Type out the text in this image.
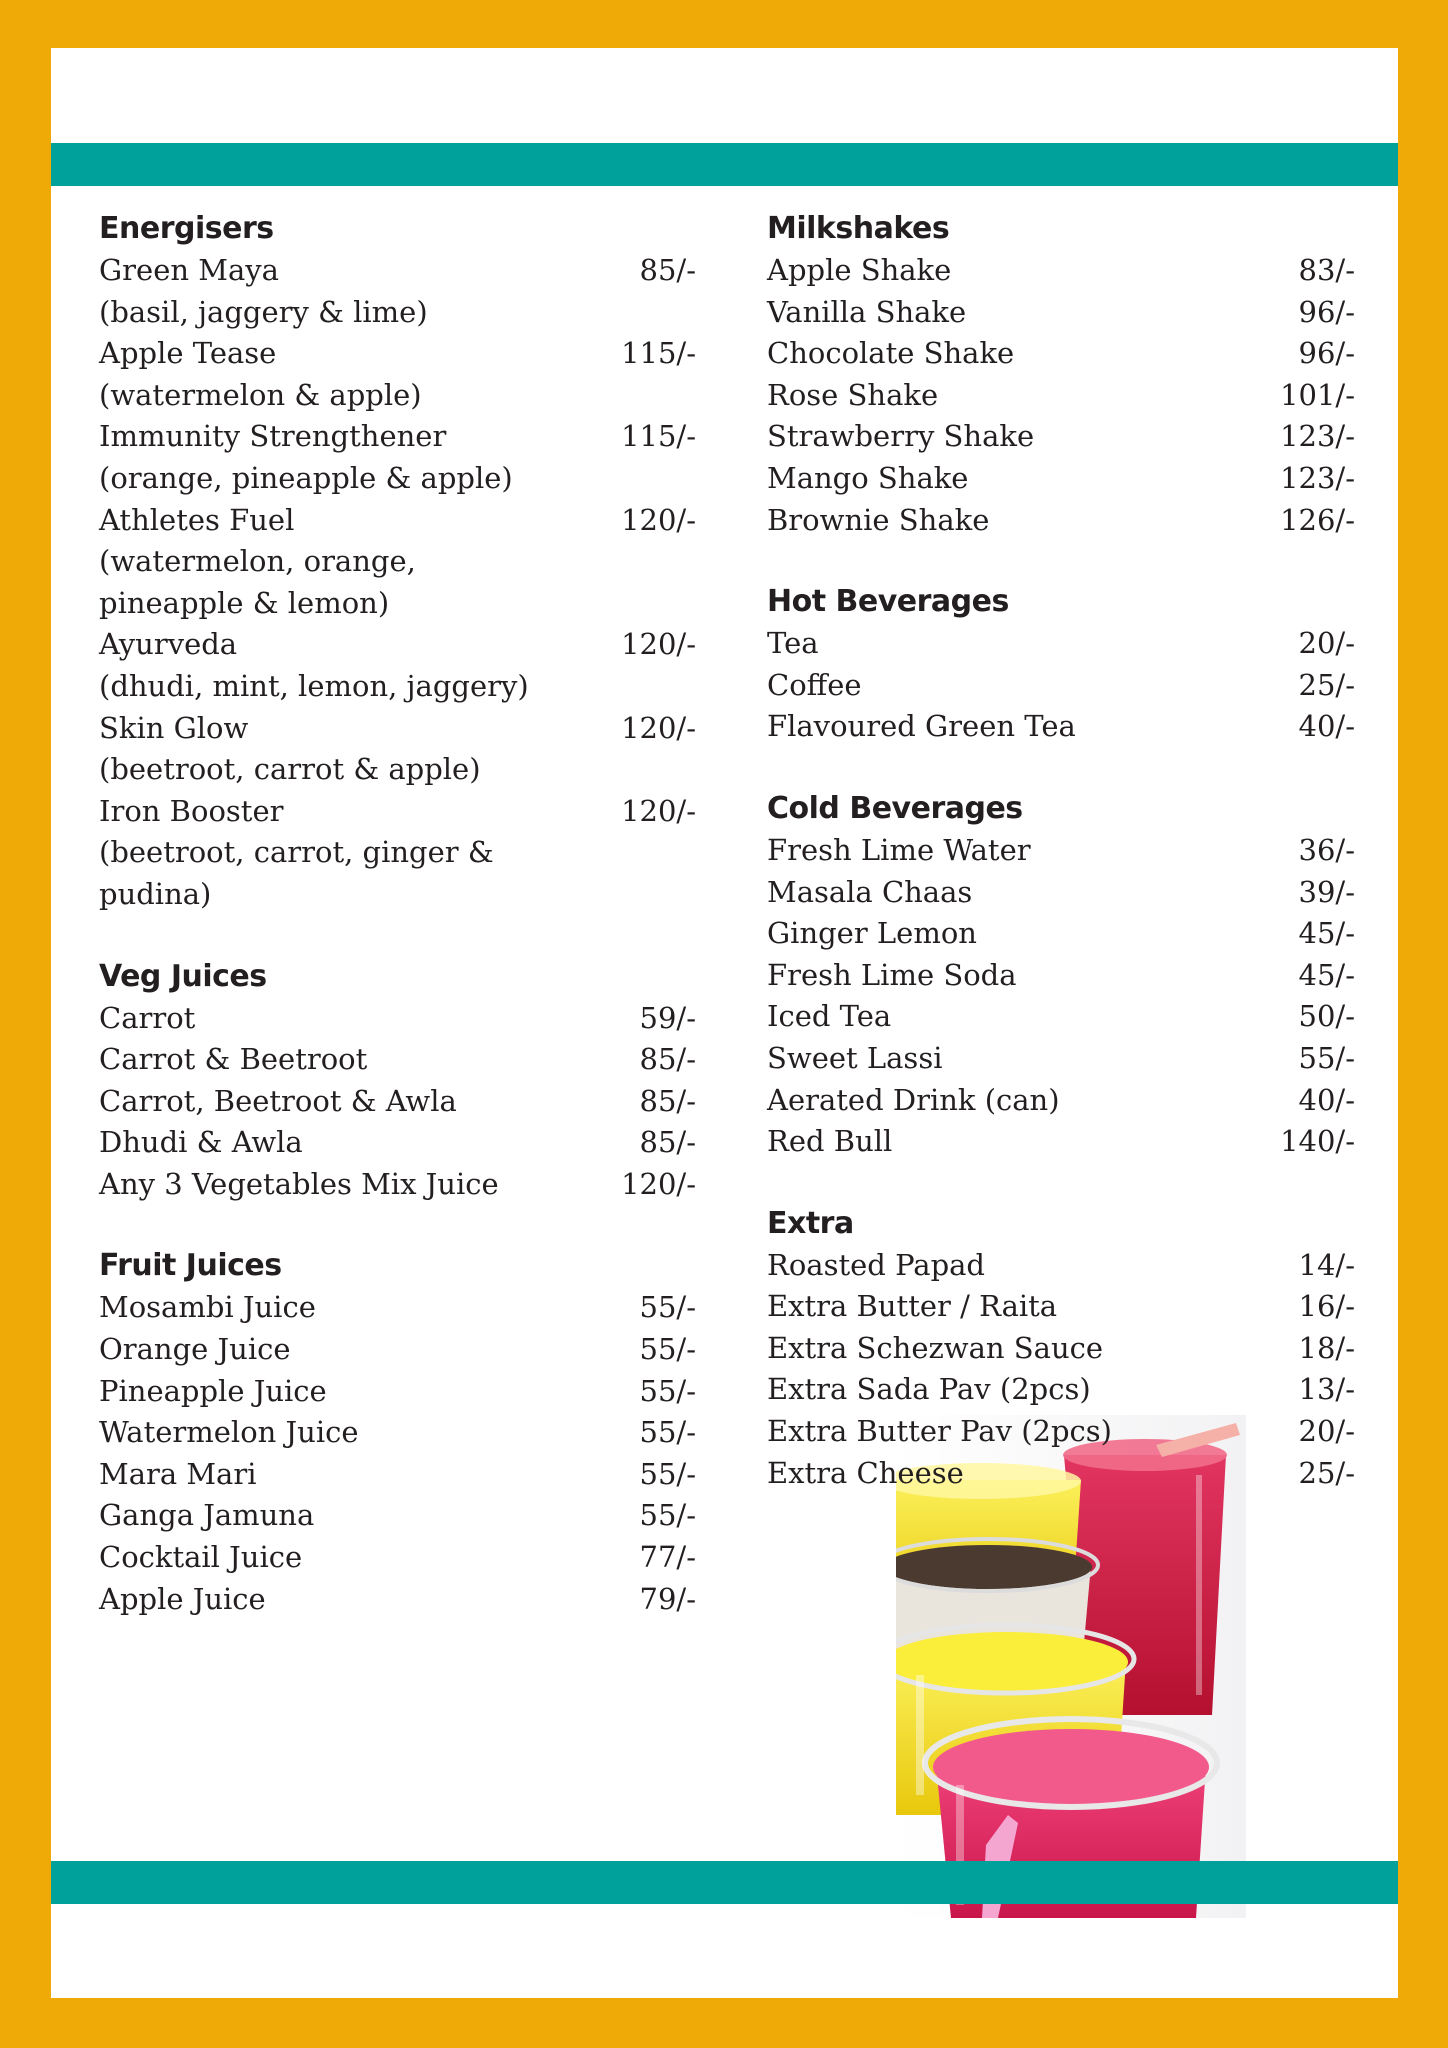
Energisers
Green Maya	85/-
(basil, jaggery & lime)
Apple Tease	115/-
(watermelon & apple)
Immunity Strengthener	115/-
(orange, pineapple & apple)
Athletes Fuel	120/-
(watermelon, orange, pineapple & lemon)
Ayurveda	120/-
(dhudi, mint, lemon, jaggery)
Skin Glow	120/-
(beetroot, carrot & apple)
Iron Booster	120/-
(beetroot, carrot, ginger & pudina)
Veg Juices
Carrot	59/-
Carrot & Beetroot	85/-
Carrot, Beetroot & Awla	85/-
Dhudi & Awla	85/-
Any 3 Vegetables Mix Juice	120/-
Fruit Juices
Mosambi Juice	55/-
Orange Juice	55/-
Pineapple Juice	55/-
Watermelon Juice	55/-
Mara Mari	55/-
Ganga Jamuna	55/-
Cocktail Juice	77/-
Apple Juice	79/-
Milkshakes
Apple Shake	83/-
Vanilla Shake	96/-
Chocolate Shake	96/-
Rose Shake	101/-
Strawberry Shake	123/-
Mango Shake	123/-
Brownie Shake	126/-
Hot Beverages
Tea	20/-
Coffee	25/-
Flavoured Green Tea	40/-
Cold Beverages
Fresh Lime Water	36/-
Masala Chaas	39/-
Ginger Lemon	45/-
Fresh Lime Soda	45/-
Iced Tea	50/-
Sweet Lassi	55/-
Aerated Drink (can)	40/-
Red Bull	140/-
Extra
Roasted Papad	14/-
Extra Butter / Raita	16/-
Extra Schezwan Sauce	18/-
Extra Sada Pav (2pcs)	13/-
Extra Butter Pav (2pcs)	20/-
Extra Cheese	25/-
